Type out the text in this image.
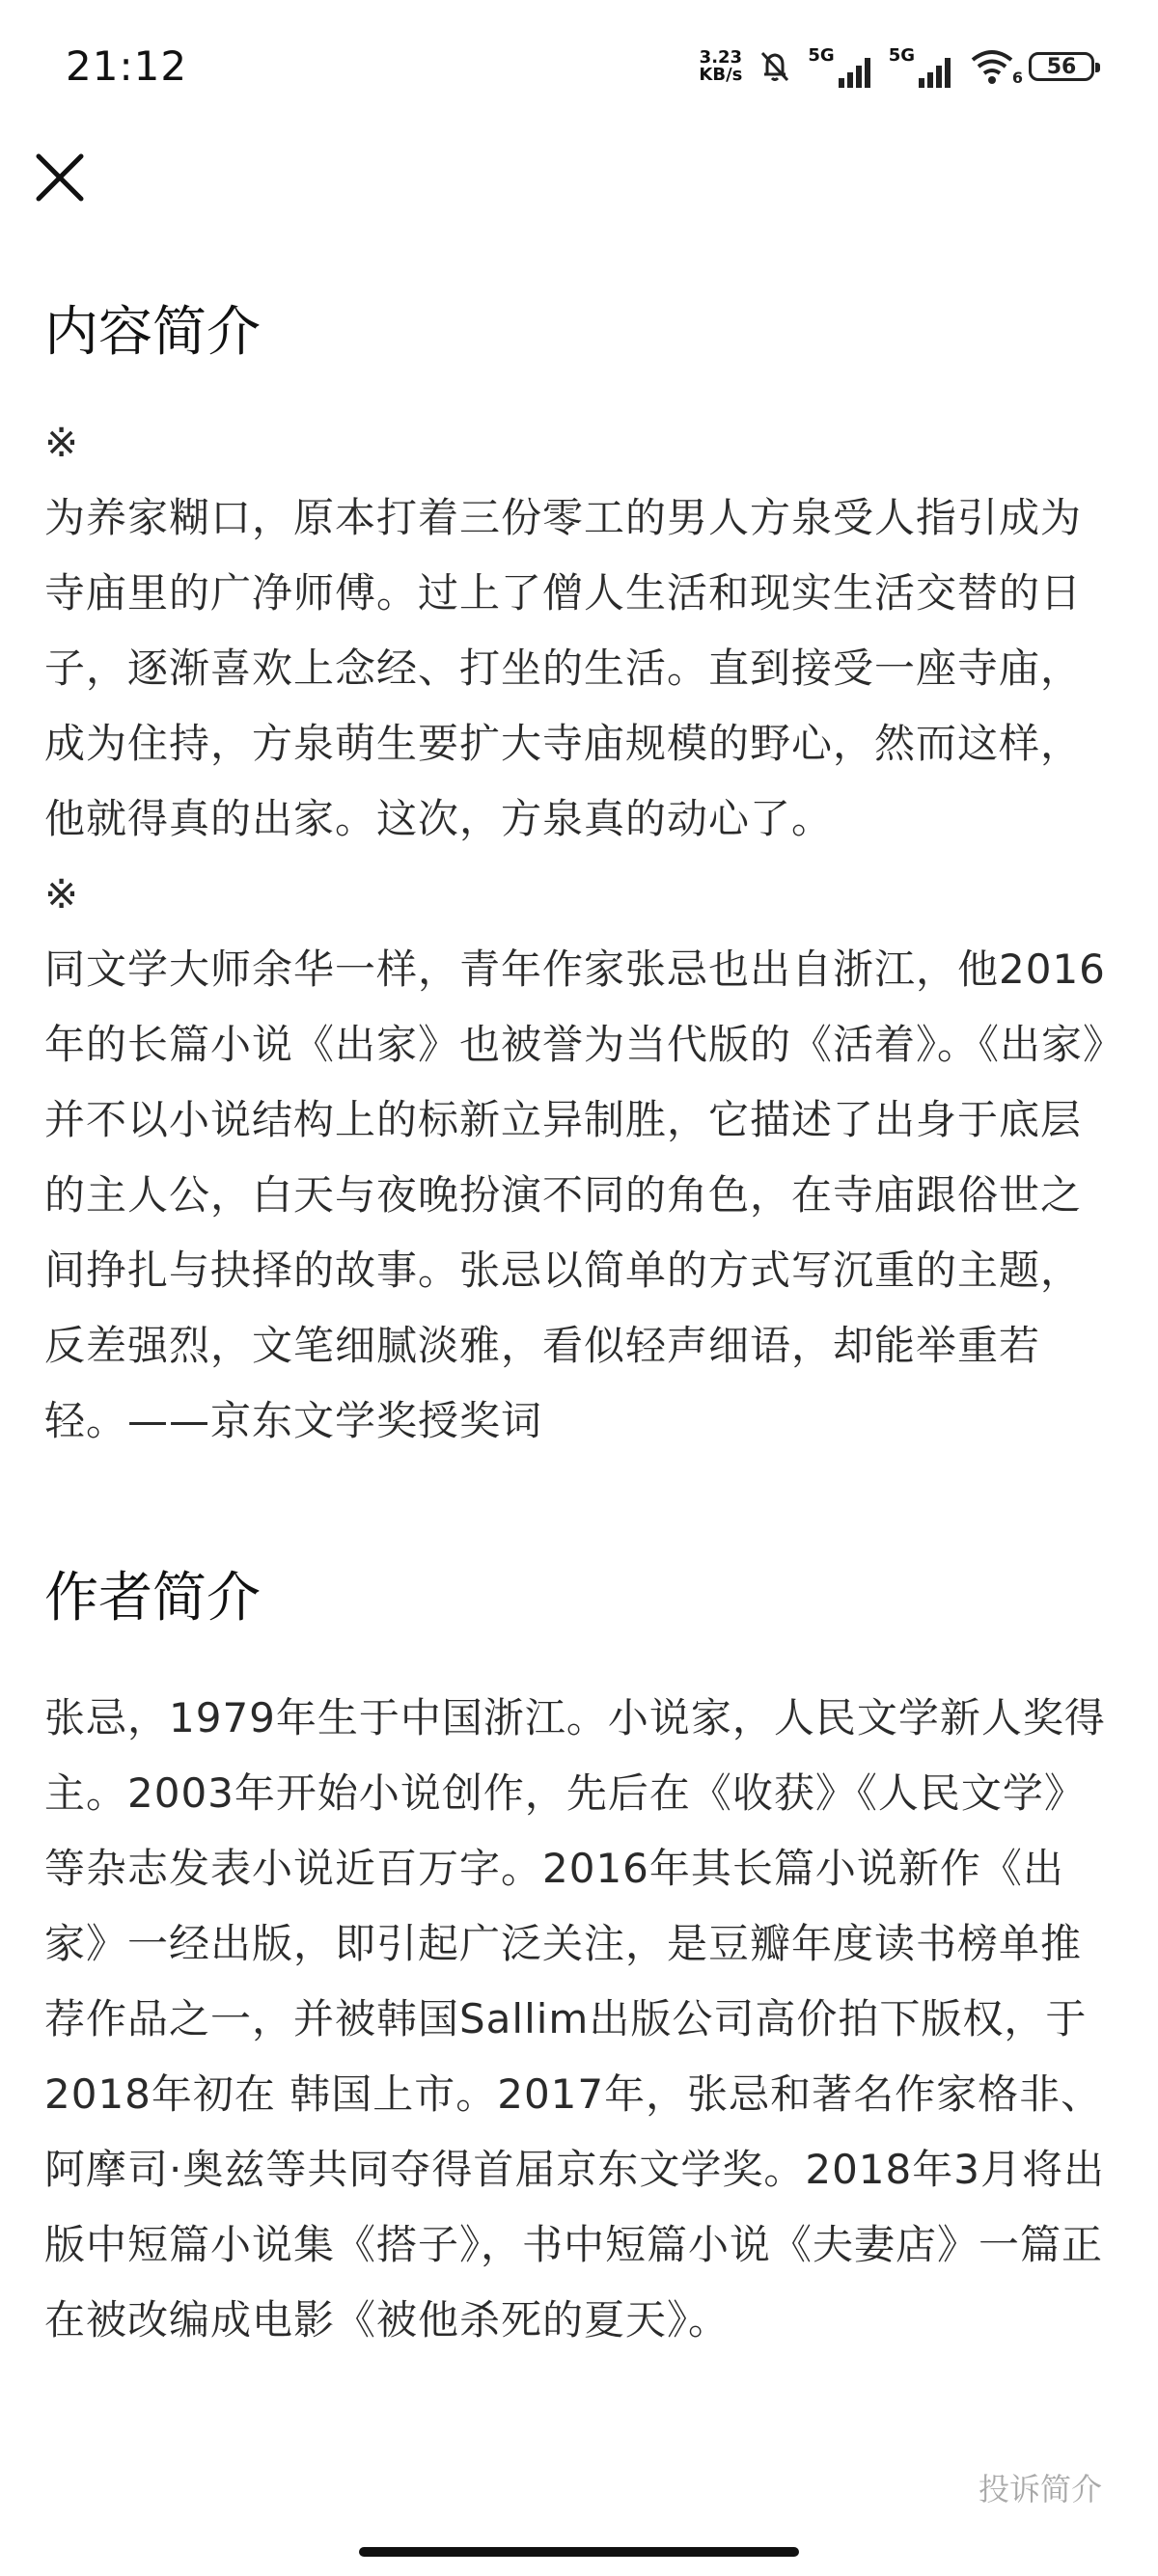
21:12	3.23
KB/s
5G	5G
6 56
内容简介
※

为养家糊口，原本打着三份零工的男人方泉受人指引成为寺庙里的广净师傅。过上了僧人生活和现实生活交替的日子，逐渐喜欢上念经、打坐的生活。直到接受一座寺庙，成为住持，方泉萌生要扩大寺庙规模的野心，然而这样，他就得真的出家。这次，方泉真的动心了。

※

同文学大师余华一样，青年作家张忌也出自浙江，他2016年的长篇小说《出家》也被誉为当代版的《活着》。《出家》并不以小说结构上的标新立异制胜，它描述了出身于底层的主人公，白天与夜晚扮演不同的角色，在寺庙跟俗世之间挣扎与抉择的故事。张忌以简单的方式写沉重的主题，反差强烈，文笔细腻淡雅，看似轻声细语，却能举重若轻。——京东文学奖授奖词

作者简介

张忌，1979年生于中国浙江。小说家，人民文学新人奖得主。2003年开始小说创作，先后在《收获》《人民文学》等杂志发表小说近百万字。2016年其长篇小说新作《出家》一经出版，即引起广泛关注，是豆瓣年度读书榜单推荐作品之一，并被韩国Sallim出版公司高价拍下版权，于2018年初在 韩国上市。2017年，张忌和著名作家格非、阿摩司·奥兹等共同夺得首届京东文学奖。2018年3月将出版中短篇小说集《搭子》，书中短篇小说《夫妻店》一篇正在被改编成电影《被他杀死的夏天》。

投诉简介
